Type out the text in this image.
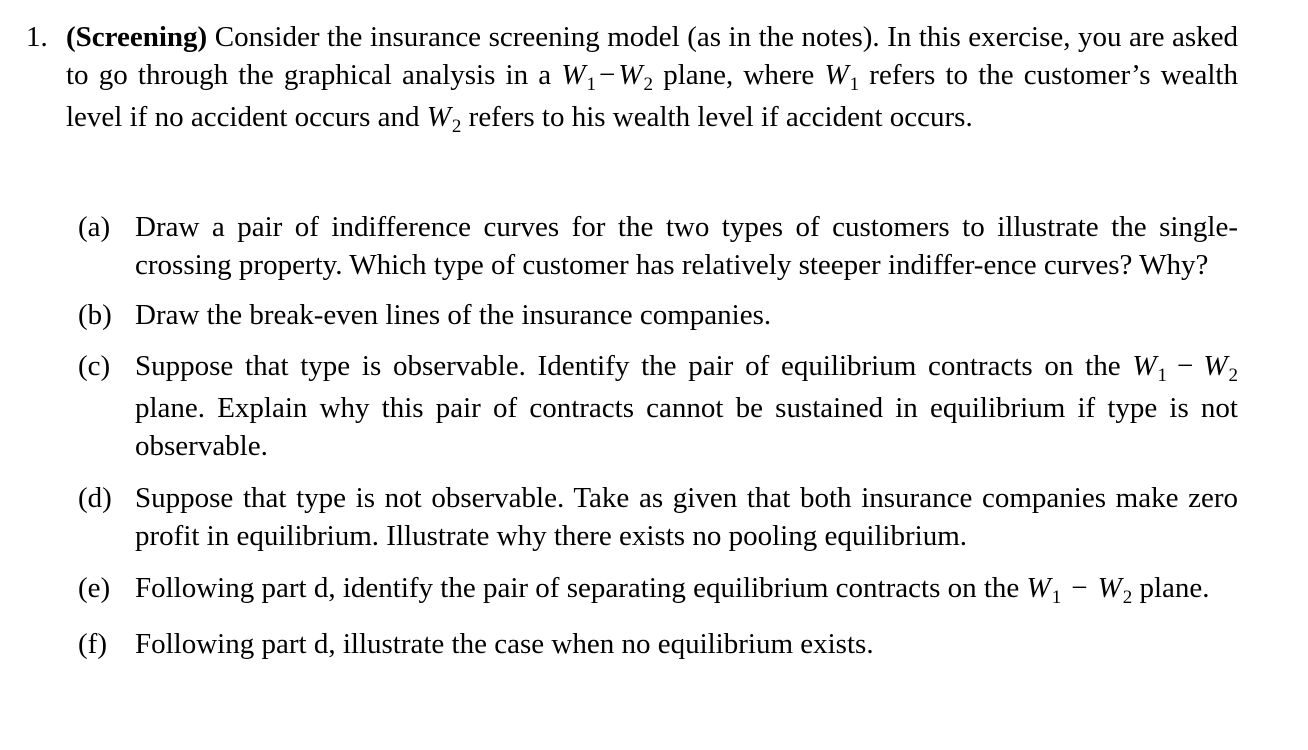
1. (Screening) Consider the insurance screening model (as in the notes). In this exercise, you are asked to go through the graphical analysis in a $W_1 - W_2$ plane, where $W_1$ refers to the customer’s wealth level if no accident occurs and $W_2$ refers to his wealth level if accident occurs.
(a) Draw a pair of indifference curves for the two types of customers to illustrate the single-crossing property. Which type of customer has relatively steeper indiffer-ence curves? Why?
(b) Draw the break-even lines of the insurance companies.
(c) Suppose that type is observable. Identify the pair of equilibrium contracts on the $W_1 - W_2$ plane. Explain why this pair of contracts cannot be sustained in equilibrium if type is not observable.
(d) Suppose that type is not observable. Take as given that both insurance companies make zero profit in equilibrium. Illustrate why there exists no pooling equilibrium.
(e) Following part d, identify the pair of separating equilibrium contracts on the $W_1 - W_2$ plane.
(f) Following part d, illustrate the case when no equilibrium exists.
